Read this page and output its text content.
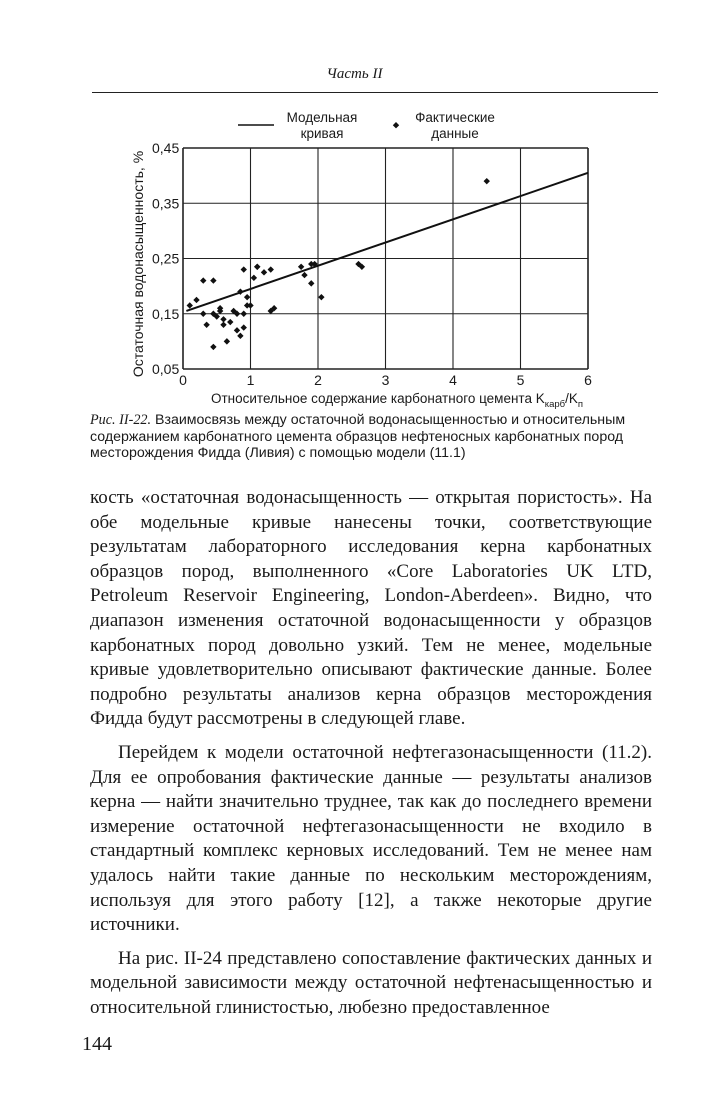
Часть II
Модельная
кривая
Фактические
данные
0	1	2	3	4	5	6
0,05
0,15
0,25
0,35
0,45
Остаточная водонасыщенность, %
Относительное содержание карбонатного цемента $K_{карб}/K_п$
Рис. II-22. Взаимосвязь между остаточной водонасыщенностью и относительным содержанием карбонатного цемента образцов нефтеносных карбонатных пород месторождения Фидда (Ливия) с помощью модели (11.1)

кость «остаточная водонасыщенность — открытая пористость». На обе модельные кривые нанесены точки, соответствующие результатам лабораторного исследования керна карбонатных образцов пород, выполненного «Core Laboratories UK LTD, Petroleum Reservoir Engineering, London-Aberdeen». Видно, что диапазон изменения остаточной водонасыщенности у образцов карбонатных пород довольно узкий. Тем не менее, модельные кривые удовлетворительно описывают фактические данные. Более подробно результаты анализов керна образцов месторождения Фидда будут рассмотрены в следующей главе.

Перейдем к модели остаточной нефтегазонасыщенности (11.2). Для ее опробования фактические данные — результаты анализов керна — найти значительно труднее, так как до последнего времени измерение остаточной нефтегазонасыщенности не входило в стандартный комплекс керновых исследований. Тем не менее нам удалось найти такие данные по нескольким месторождениям, используя для этого работу [12], а также некоторые другие источники.

На рис. II-24 представлено сопоставление фактических данных и модельной зависимости между остаточной нефтенасыщенностью и относительной глинистостью, любезно предоставленное

144
